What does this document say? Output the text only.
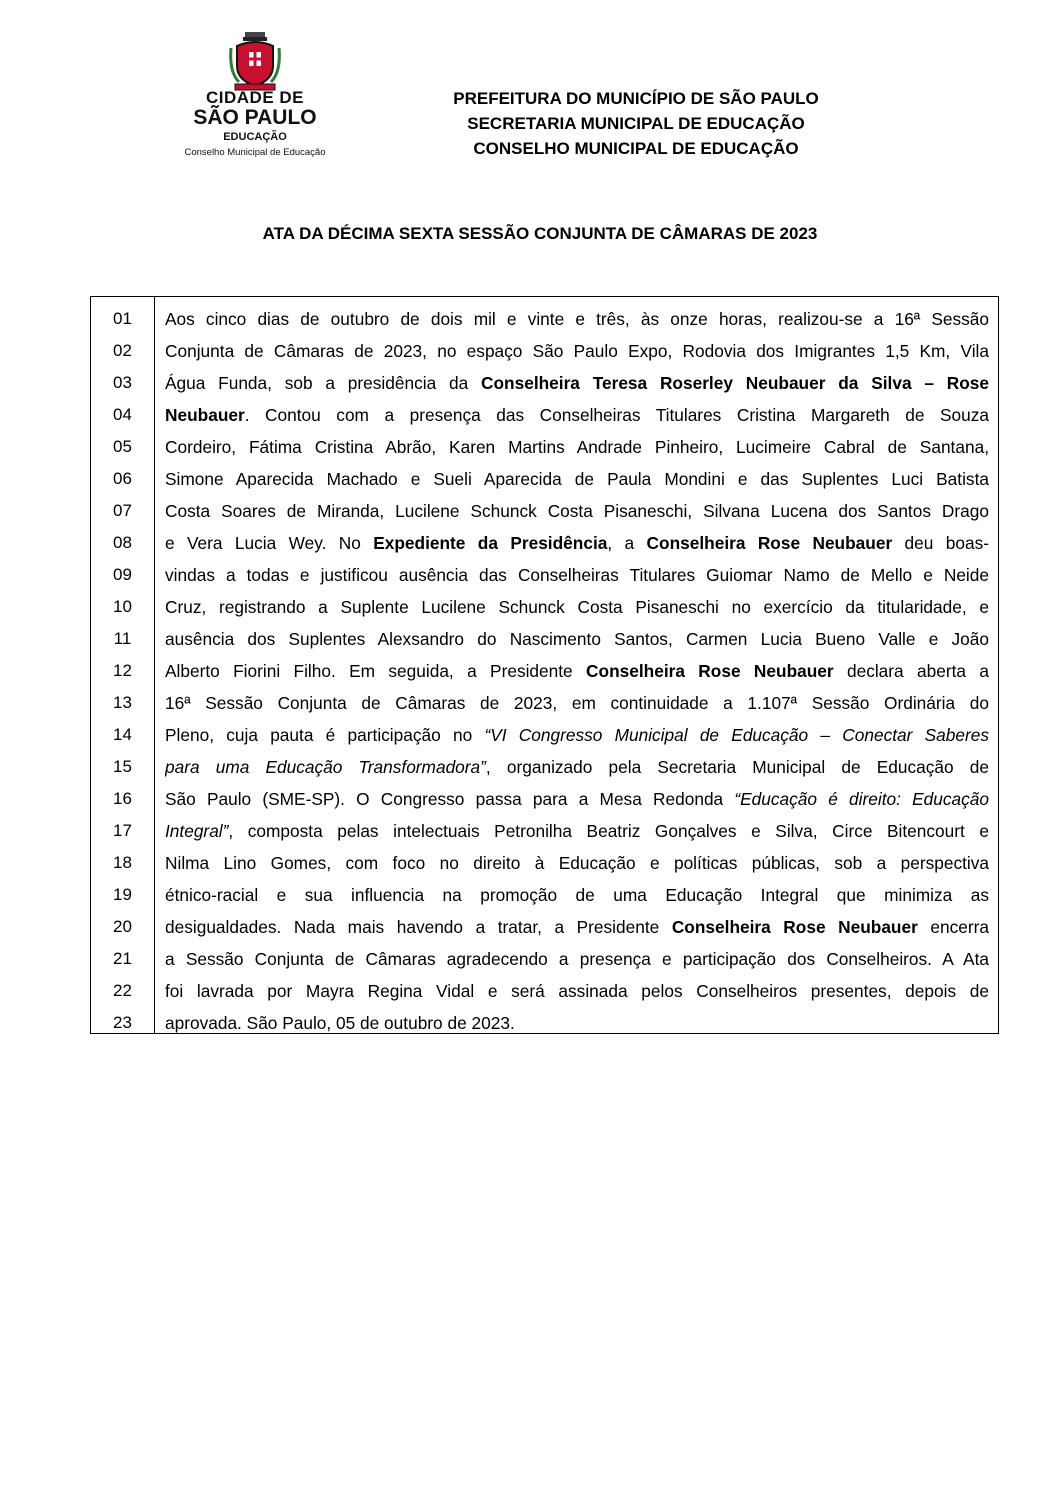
CIDADE DE
SÃO PAULO
EDUCAÇÃO
Conselho Municipal de Educação
PREFEITURA DO MUNICÍPIO DE SÃO PAULO
SECRETARIA MUNICIPAL DE EDUCAÇÃO
CONSELHO MUNICIPAL DE EDUCAÇÃO
ATA DA DÉCIMA SEXTA SESSÃO CONJUNTA DE CÂMARAS DE 2023
01
02
03
04
05
06
07
08
09
10
11
12
13
14
15
16
17
18
19
20
21
22
23
Aos cinco dias de outubro de dois mil e vinte e três, às onze horas, realizou-se a 16ª Sessão
Conjunta de Câmaras de 2023, no espaço São Paulo Expo, Rodovia dos Imigrantes 1,5 Km, Vila
Água Funda, sob a presidência da Conselheira Teresa Roserley Neubauer da Silva – Rose
Neubauer. Contou com a presença das Conselheiras Titulares Cristina Margareth de Souza
Cordeiro, Fátima Cristina Abrão, Karen Martins Andrade Pinheiro, Lucimeire Cabral de Santana,
Simone Aparecida Machado e Sueli Aparecida de Paula Mondini e das Suplentes Luci Batista
Costa Soares de Miranda, Lucilene Schunck Costa Pisaneschi, Silvana Lucena dos Santos Drago
e Vera Lucia Wey. No Expediente da Presidência, a Conselheira Rose Neubauer deu boas-
vindas a todas e justificou ausência das Conselheiras Titulares Guiomar Namo de Mello e Neide
Cruz, registrando a Suplente Lucilene Schunck Costa Pisaneschi no exercício da titularidade, e
ausência dos Suplentes Alexsandro do Nascimento Santos, Carmen Lucia Bueno Valle e João
Alberto Fiorini Filho. Em seguida, a Presidente Conselheira Rose Neubauer declara aberta a
16ª Sessão Conjunta de Câmaras de 2023, em continuidade a 1.107ª Sessão Ordinária do
Pleno, cuja pauta é participação no “VI Congresso Municipal de Educação – Conectar Saberes
para uma Educação Transformadora”, organizado pela Secretaria Municipal de Educação de
São Paulo (SME-SP). O Congresso passa para a Mesa Redonda “Educação é direito: Educação
Integral”, composta pelas intelectuais Petronilha Beatriz Gonçalves e Silva, Circe Bitencourt e
Nilma Lino Gomes, com foco no direito à Educação e políticas públicas, sob a perspectiva
étnico-racial e sua influencia na promoção de uma Educação Integral que minimiza as
desigualdades. Nada mais havendo a tratar, a Presidente Conselheira Rose Neubauer encerra
a Sessão Conjunta de Câmaras agradecendo a presença e participação dos Conselheiros. A Ata
foi lavrada por Mayra Regina Vidal e será assinada pelos Conselheiros presentes, depois de
aprovada. São Paulo, 05 de outubro de 2023.
